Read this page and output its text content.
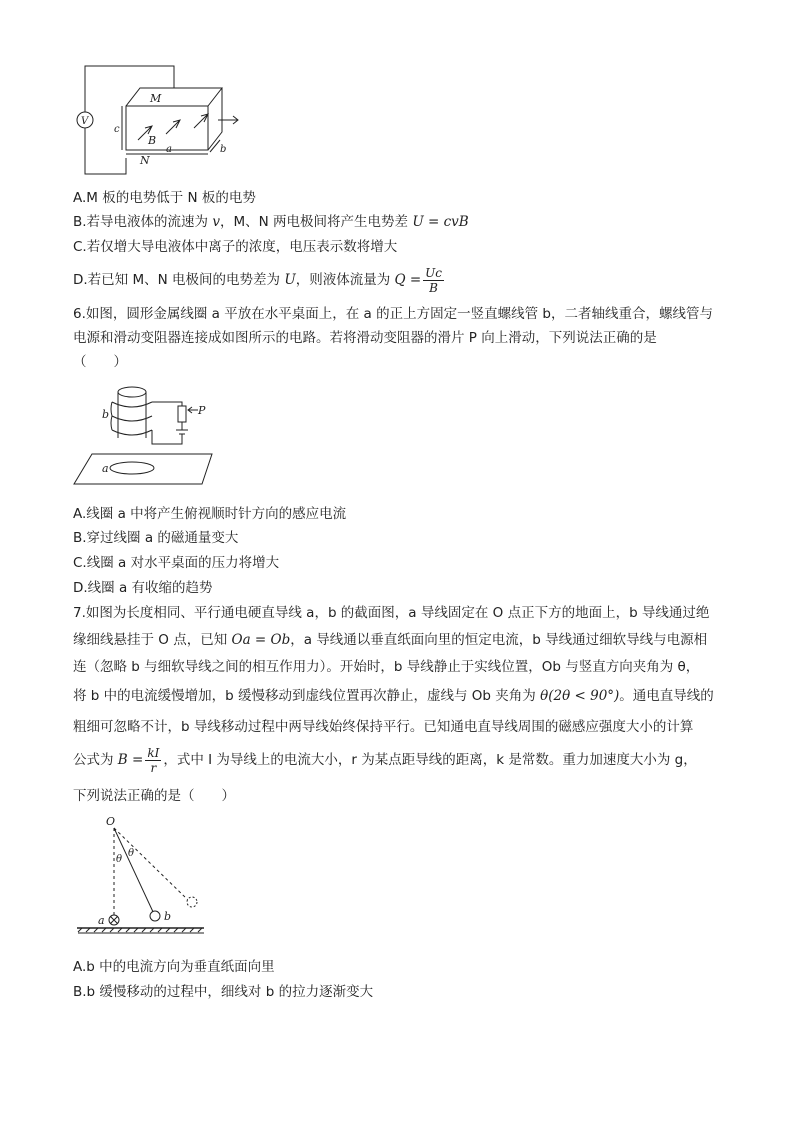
V
M
c
B
N
a	b
A.M 板的电势低于 N 板的电势
B.若导电液体的流速为 v，M、N 两电极间将产生电势差 U = cvB
C.若仅增大导电液体中离子的浓度，电压表示数将增大
D.若已知 M、N 电极间的电势差为 U，则液体流量为 $Q = \frac{Uc}{B}$
6.如图，圆形金属线圈 a 平放在水平桌面上，在 a 的正上方固定一竖直螺线管 b，二者轴线重合，螺线管与
电源和滑动变阻器连接成如图所示的电路。若将滑动变阻器的滑片 P 向上滑动，下列说法正确的是
（　　）
b	P
a
A.线圈 a 中将产生俯视顺时针方向的感应电流
B.穿过线圈 a 的磁通量变大
C.线圈 a 对水平桌面的压力将增大
D.线圈 a 有收缩的趋势
7.如图为长度相同、平行通电硬直导线 a，b 的截面图，a 导线固定在 O 点正下方的地面上，b 导线通过绝
缘细线悬挂于 O 点，已知 Oa = Ob，a 导线通以垂直纸面向里的恒定电流，b 导线通过细软导线与电源相
连（忽略 b 与细软导线之间的相互作用力）。开始时，b 导线静止于实线位置，Ob 与竖直方向夹角为 θ，
将 b 中的电流缓慢增加，b 缓慢移动到虚线位置再次静止，虚线与 Ob 夹角为 θ(2θ < 90°)。通电直导线的
粗细可忽略不计，b 导线移动过程中两导线始终保持平行。已知通电直导线周围的磁感应强度大小的计算
公式为 $B = \frac{kI}{r}$ ，式中 I 为导线上的电流大小，r 为某点距导线的距离，k 是常数。重力加速度大小为 g，
下列说法正确的是（　　）
O
θ
θ
a	b
A.b 中的电流方向为垂直纸面向里
B.b 缓慢移动的过程中，细线对 b 的拉力逐渐变大
